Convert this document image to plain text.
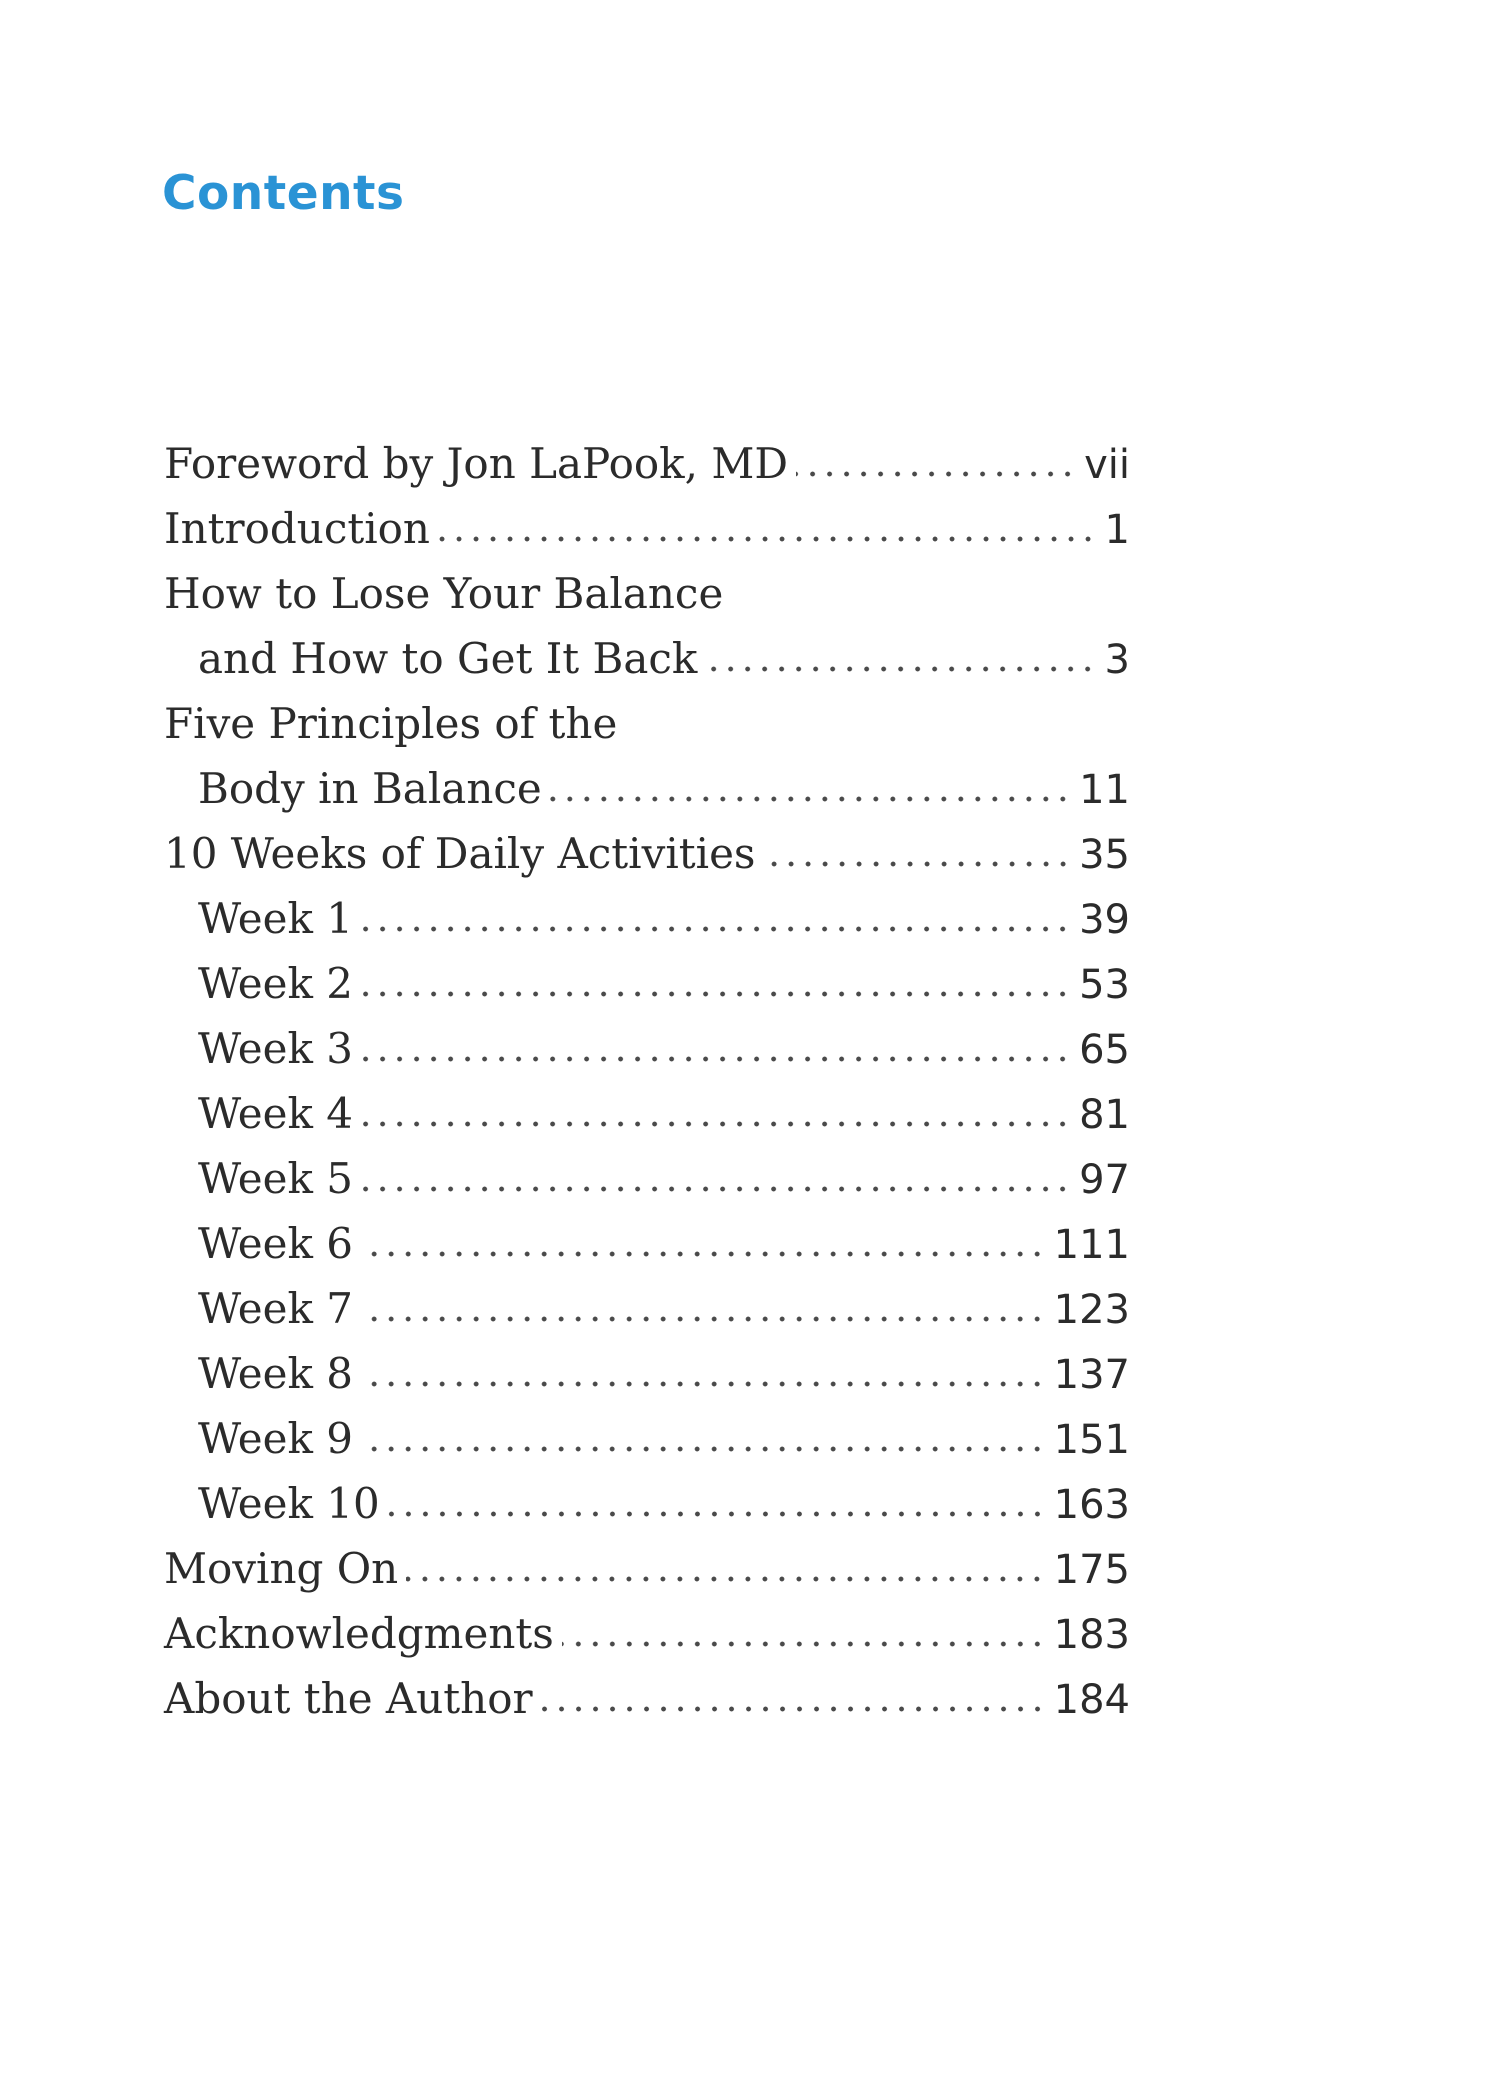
Contents
Foreword by Jon LaPook, MD	vii
Introduction	1
How to Lose Your Balance
and How to Get It Back	3
Five Principles of the
Body in Balance	11
10 Weeks of Daily Activities	35
Week 1	39
Week 2	53
Week 3	65
Week 4	81
Week 5	97
Week 6	111
Week 7	123
Week 8	137
Week 9	151
Week 10	163
Moving On	175
Acknowledgments	183
About the Author	184
